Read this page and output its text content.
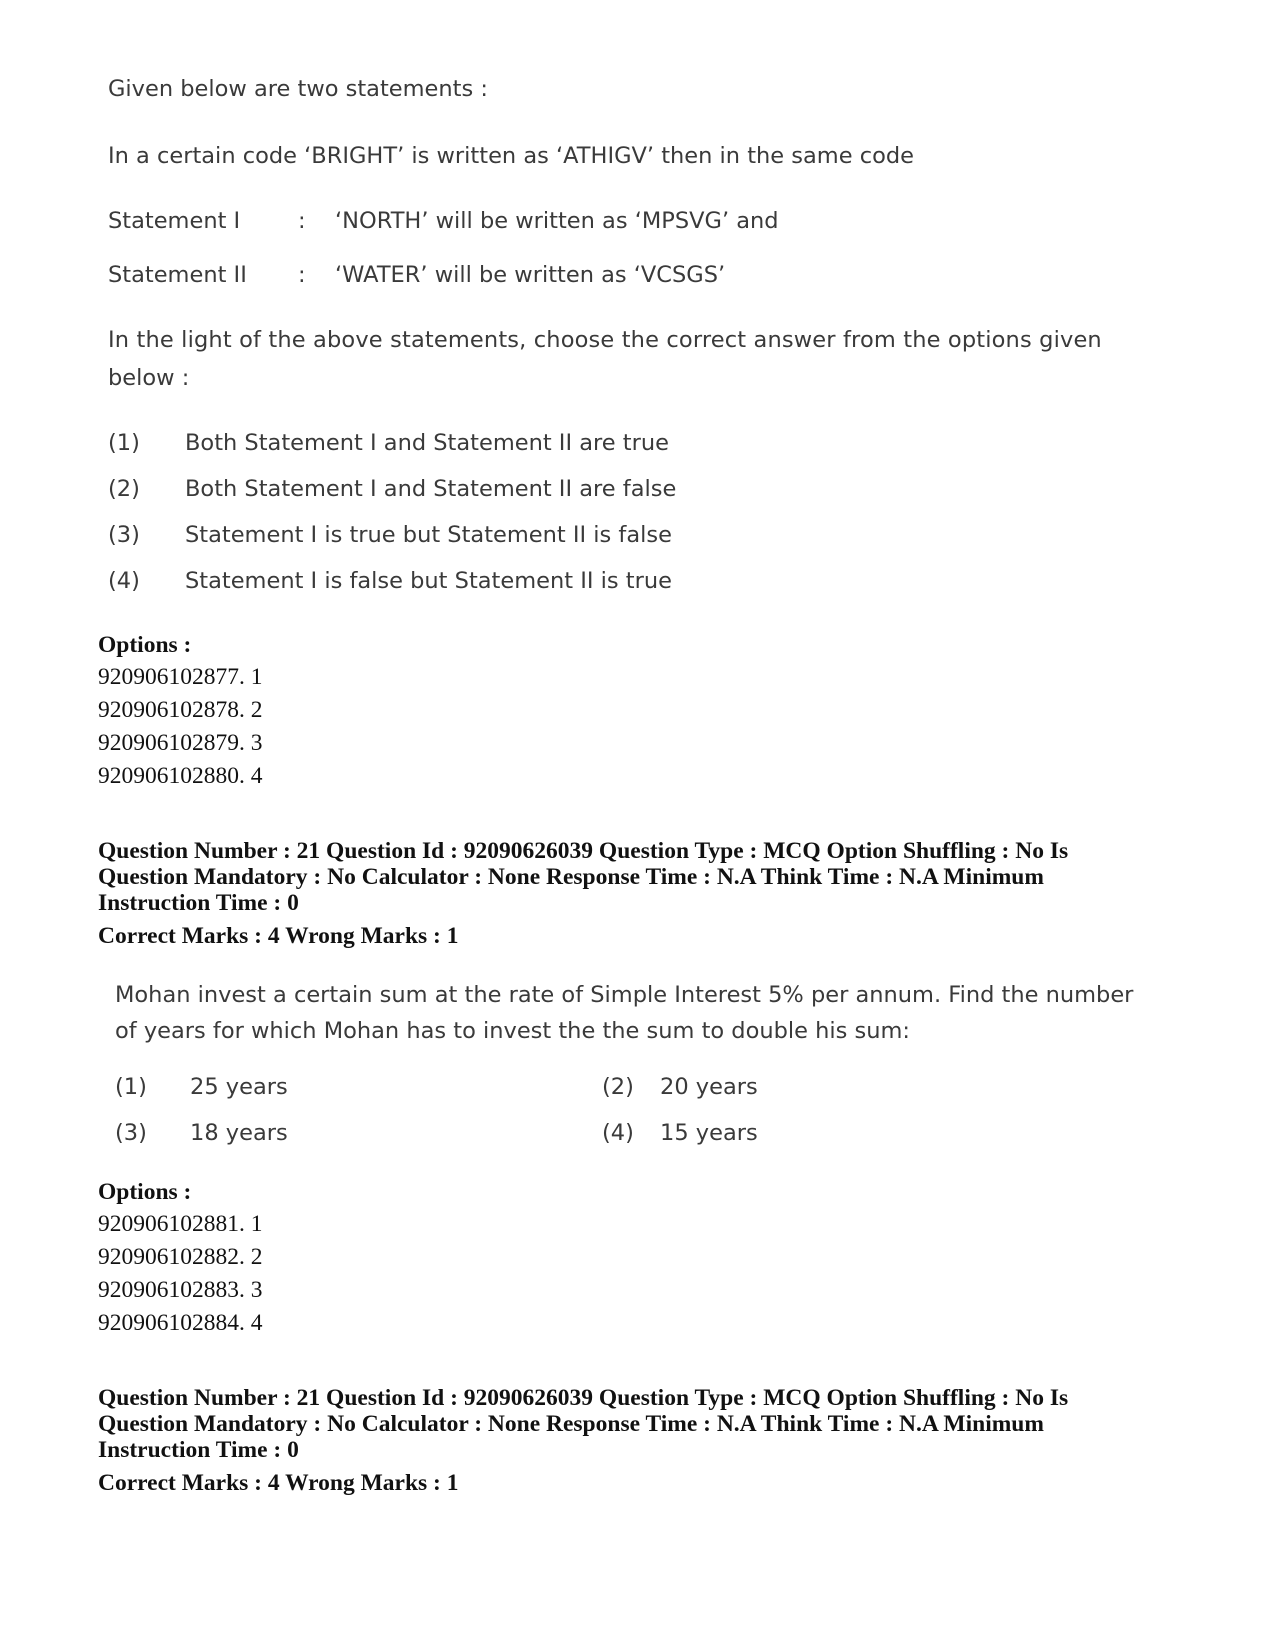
Given below are two statements :
In a certain code ‘BRIGHT’ is written as ‘ATHIGV’ then in the same code
Statement I	: ‘NORTH’ will be written as ‘MPSVG’ and
Statement II : ‘WATER’ will be written as ‘VCSGS’
In the light of the above statements, choose the correct answer from the options given
below :
(1) Both Statement I and Statement II are true
(2) Both Statement I and Statement II are false
(3) Statement I is true but Statement II is false
(4) Statement I is false but Statement II is true
Options :
920906102877. 1
920906102878. 2
920906102879. 3
920906102880. 4
Question Number : 21 Question Id : 92090626039 Question Type : MCQ Option Shuffling : No Is
Question Mandatory : No Calculator : None Response Time : N.A Think Time : N.A Minimum
Instruction Time : 0
Correct Marks : 4 Wrong Marks : 1
Mohan invest a certain sum at the rate of Simple Interest 5% per annum. Find the number
of years for which Mohan has to invest the the sum to double his sum:
(1) 25 years	(2) 20 years
(3) 18 years	(4) 15 years
Options :
920906102881. 1
920906102882. 2
920906102883. 3
920906102884. 4
Question Number : 21 Question Id : 92090626039 Question Type : MCQ Option Shuffling : No Is
Question Mandatory : No Calculator : None Response Time : N.A Think Time : N.A Minimum
Instruction Time : 0
Correct Marks : 4 Wrong Marks : 1
